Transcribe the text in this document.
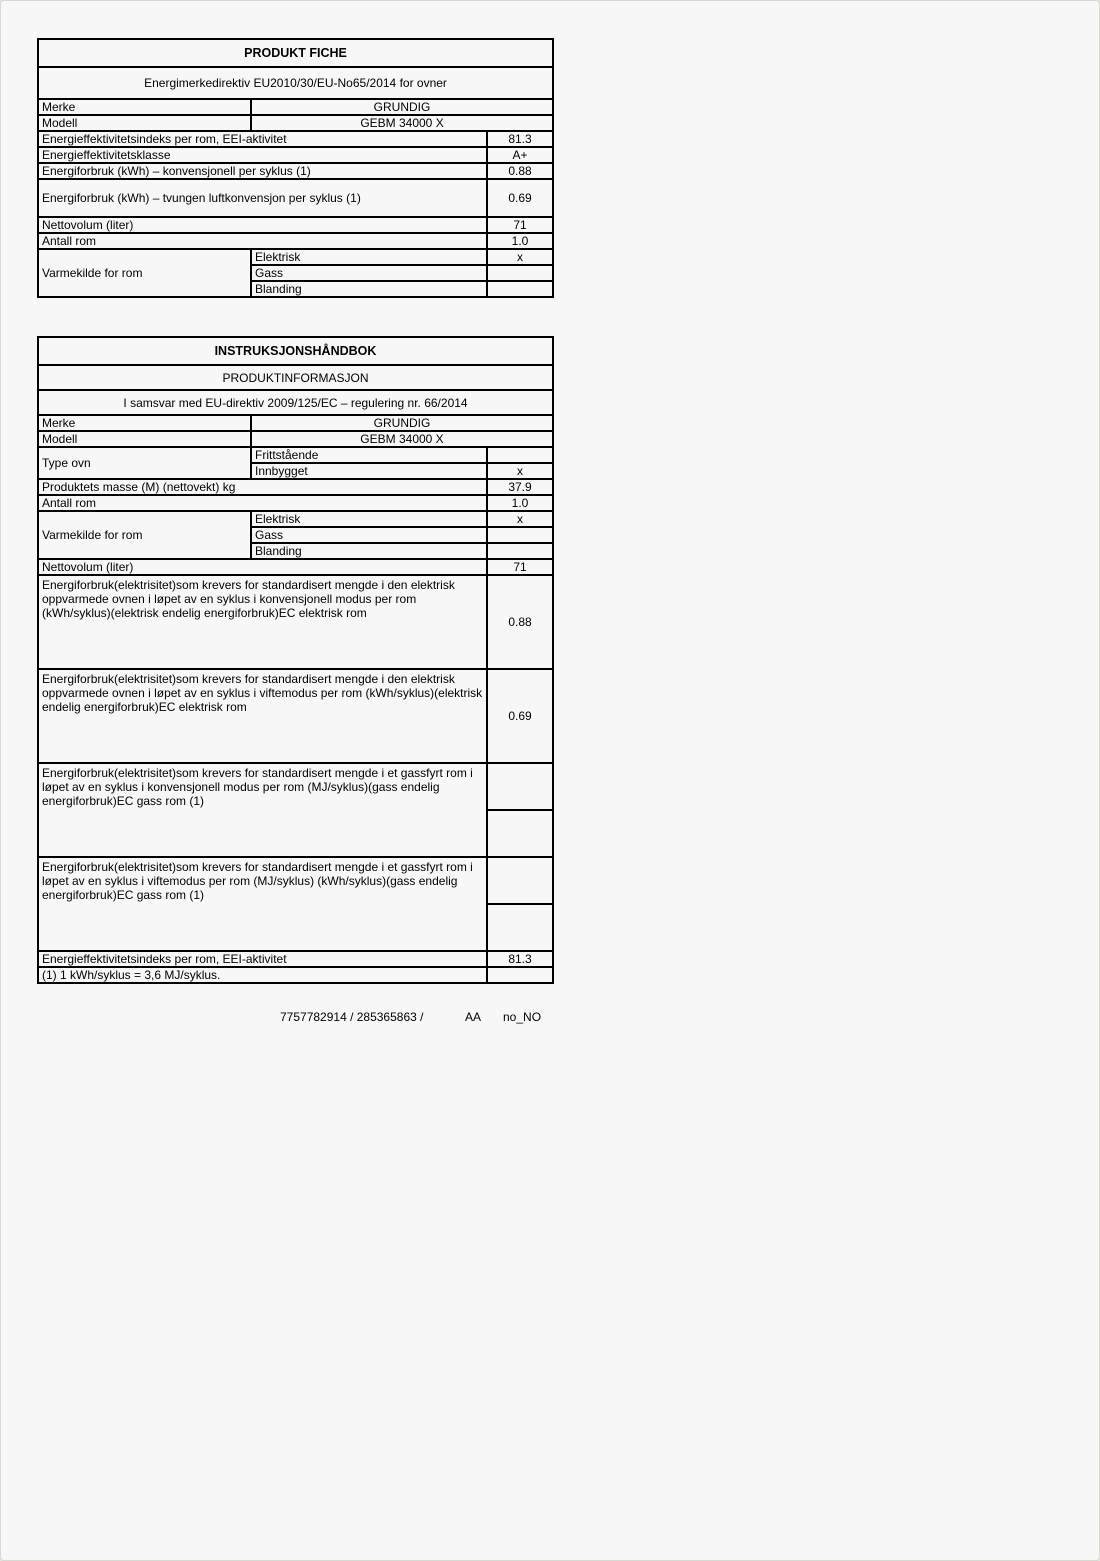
PRODUKT FICHE		
Energimerkedirektiv EU2010/30/EU-No65/2014 for ovner		
Merke	GRUNDIG	
Modell	GEBM 34000 X	
Energieffektivitetsindeks per rom, EEI-aktivitet		81.3
Energieffektivitetsklasse		A+
Energiforbruk (kWh) – konvensjonell per syklus (1)		0.88
Energiforbruk (kWh) – tvungen luftkonvensjon per syklus (1)		0.69
Nettovolum (liter)		71
Antall rom		1.0
Varmekilde for rom	Elektrisk	x
	Gass	
	Blanding	
INSTRUKSJONSHÅNDBOK		
PRODUKTINFORMASJON		
I samsvar med EU-direktiv 2009/125/EC – regulering nr. 66/2014		
Merke	GRUNDIG	
Modell	GEBM 34000 X	
Type ovn	Frittstående	
	Innbygget	x
Produktets masse (M) (nettovekt) kg		37.9
Antall rom		1.0
Varmekilde for rom	Elektrisk	x
	Gass	
	Blanding	
Nettovolum (liter)		71
Energiforbruk(elektrisitet)som krevers for standardisert mengde i den elektrisk oppvarmede ovnen i løpet av en syklus i konvensjonell modus per rom (kWh/syklus)(elektrisk endelig energiforbruk)EC elektrisk rom		0.88
Energiforbruk(elektrisitet)som krevers for standardisert mengde i den elektrisk oppvarmede ovnen i løpet av en syklus i viftemodus per rom (kWh/syklus)(elektrisk endelig energiforbruk)EC elektrisk rom		0.69
Energiforbruk(elektrisitet)som krevers for standardisert mengde i et gassfyrt rom i løpet av en syklus i konvensjonell modus per rom (MJ/syklus)(gass endelig energiforbruk)EC gass rom (1)		

Energiforbruk(elektrisitet)som krevers for standardisert mengde i et gassfyrt rom i løpet av en syklus i viftemodus per rom (MJ/syklus) (kWh/syklus)(gass endelig energiforbruk)EC gass rom (1)		

Energieffektivitetsindeks per rom, EEI-aktivitet		81.3
(1) 1 kWh/syklus = 3,6 MJ/syklus.		
7757782914 / 285365863 /	AA no_NO
